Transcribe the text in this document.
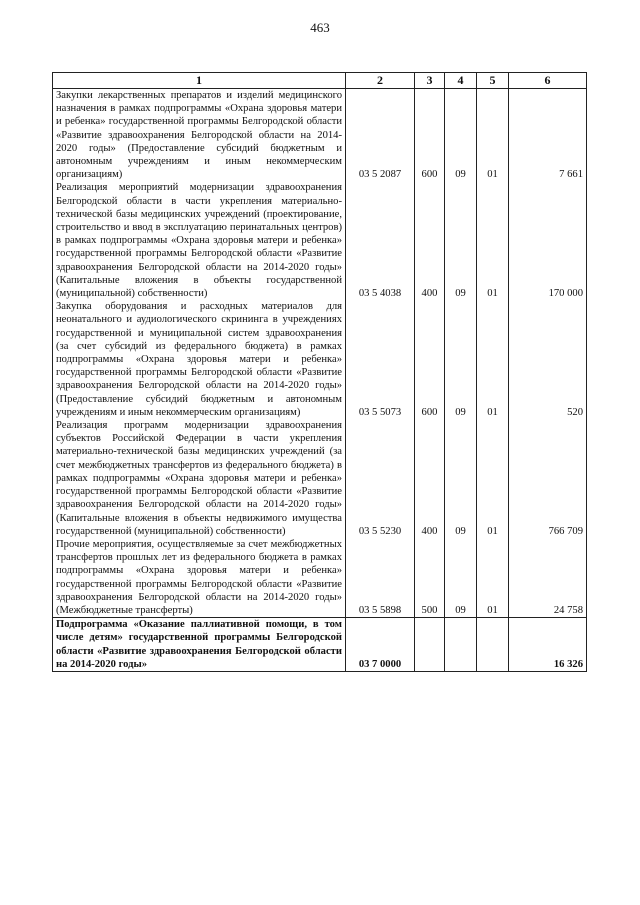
463
1	2	3	4	5	6
Закупки лекарственных препаратов и изделий медицинского назначения в рамках подпрограммы «Охрана здоровья матери и ребенка» государственной программы Белгородской области «Развитие здравоохранения Белгородской области на 2014-2020 годы» (Предоставление субсидий бюджетным и автономным учреждениям и иным некоммерческим организациям)	03 5 2087	600	09	01	7 661
Реализация мероприятий модернизации здравоохранения Белгородской области в части укрепления материально-технической базы медицинских учреждений (проектирование, строительство и ввод в эксплуатацию перинатальных центров) в рамках подпрограммы «Охрана здоровья матери и ребенка» государственной программы Белгородской области «Развитие здравоохранения Белгородской области на 2014-2020 годы» (Капитальные вложения в объекты государственной (муниципальной) собственности)	03 5 4038	400	09	01	170 000
Закупка оборудования и расходных материалов для неонатального и аудиологического скрининга в учреждениях государственной и муниципальной систем здравоохранения (за счет субсидий из федерального бюджета) в рамках подпрограммы «Охрана здоровья матери и ребенка» государственной программы Белгородской области «Развитие здравоохранения Белгородской области на 2014-2020 годы» (Предоставление субсидий бюджетным и автономным учреждениям и иным некоммерческим организациям)	03 5 5073	600	09	01	520
Реализация программ модернизации здравоохранения субъектов Российской Федерации в части укрепления материально-технической базы медицинских учреждений (за счет межбюджетных трансфертов из федерального бюджета) в рамках подпрограммы «Охрана здоровья матери и ребенка» государственной программы Белгородской области «Развитие здравоохранения Белгородской области на 2014-2020 годы» (Капитальные вложения в объекты недвижимого имущества государственной (муниципальной) собственности)	03 5 5230	400	09	01	766 709
Прочие мероприятия, осуществляемые за счет межбюджетных трансфертов прошлых лет из федерального бюджета в рамках подпрограммы «Охрана здоровья матери и ребенка» государственной программы Белгородской области «Развитие здравоохранения Белгородской области на 2014-2020 годы» (Межбюджетные трансферты)	03 5 5898	500	09	01	24 758
Подпрограмма «Оказание паллиативной помощи, в том числе детям» государственной программы Белгородской области «Развитие здравоохранения Белгородской области на 2014-2020 годы»	03 7 0000				16 326
